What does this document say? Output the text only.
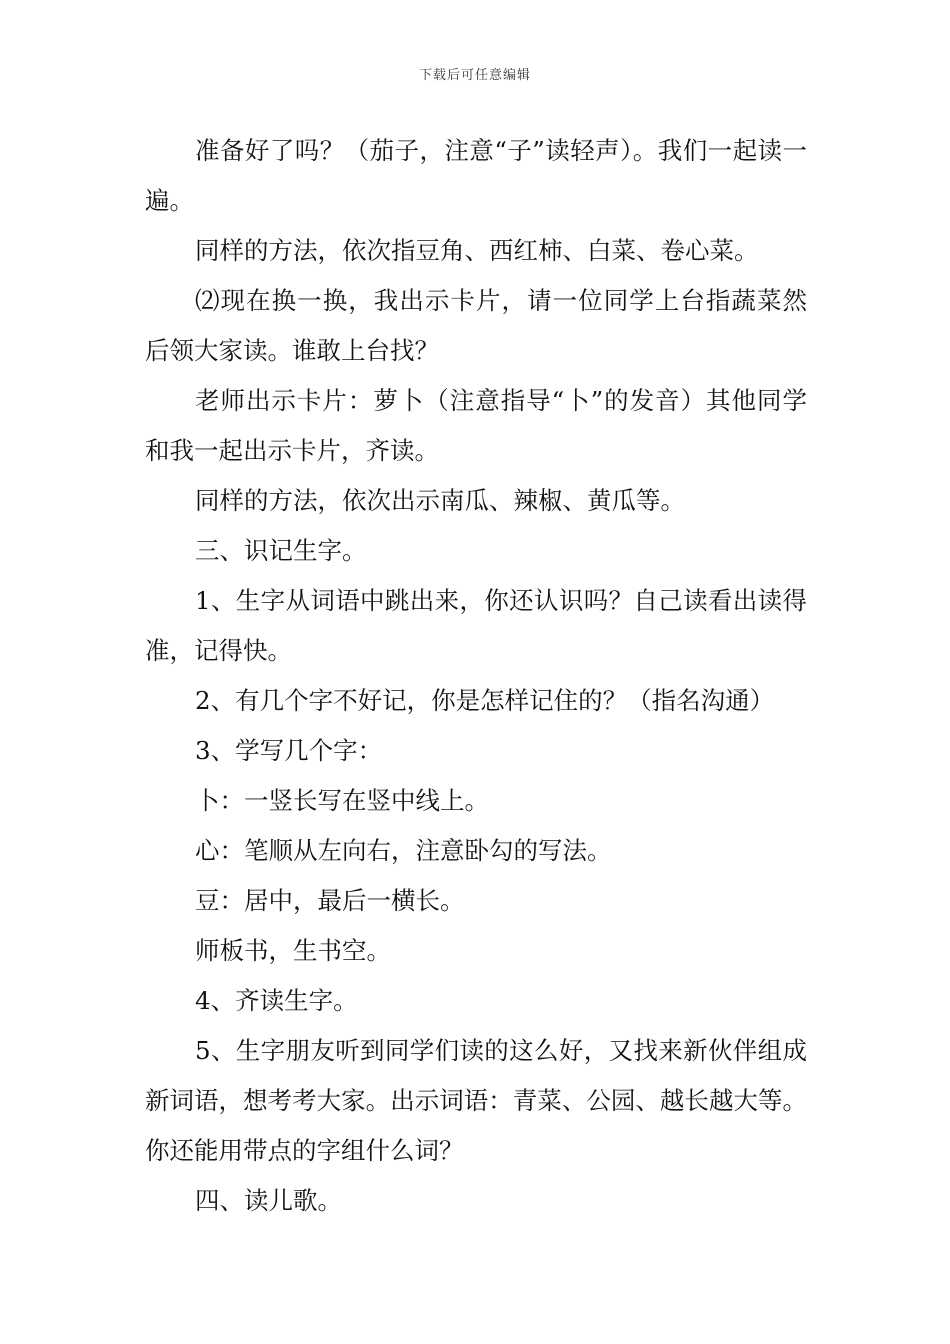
下载后可任意编辑

准备好了吗？（茄子，注意“子”读轻声）。我们一起读一遍。

同样的方法，依次指豆角、西红柿、白菜、卷心菜。

⑵现在换一换，我出示卡片，请一位同学上台指蔬菜然后领大家读。谁敢上台找？

老师出示卡片：萝卜（注意指导“卜”的发音）其他同学和我一起出示卡片，齐读。

同样的方法，依次出示南瓜、辣椒、黄瓜等。

三、识记生字。

1、生字从词语中跳出来，你还认识吗？自己读看出读得准，记得快。

2、有几个字不好记，你是怎样记住的？（指名沟通）

3、学写几个字：

卜：一竖长写在竖中线上。

心：笔顺从左向右，注意卧勾的写法。

豆：居中，最后一横长。

师板书，生书空。

4、齐读生字。

5、生字朋友听到同学们读的这么好，又找来新伙伴组成新词语，想考考大家。出示词语：青菜、公园、越长越大等。你还能用带点的字组什么词？

四、读儿歌。
